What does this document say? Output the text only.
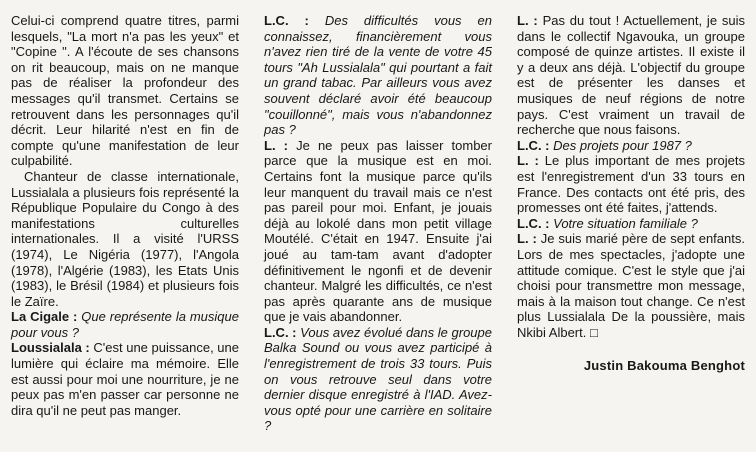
Celui-ci comprend quatre titres, parmi lesquels, "La mort n'a pas les yeux" et "Copine ". A l'écoute de ses chansons on rit beaucoup, mais on ne manque pas de réaliser la profondeur des messages qu'il transmet. Certains se retrouvent dans les personnages qu'il décrit. Leur hilarité n'est en fin de compte qu'une manifestation de leur culpabilité.

Chanteur de classe internationale, Lussialala a plusieurs fois représenté la République Populaire du Congo à des manifestations culturelles internationales. Il a visité l'URSS (1974), Le Nigéria (1977), l'Angola (1978), l'Algérie (1983), les Etats Unis (1983), le Brésil (1984) et plusieurs fois le Zaïre.

La Cigale : Que représente la musique pour vous ?

Loussialala : C'est une puissance, une lumière qui éclaire ma mémoire. Elle est aussi pour moi une nourriture, je ne peux pas m'en passer car personne ne dira qu'il ne peut pas manger.

L.C. : Des difficultés vous en connaissez, financièrement vous n'avez rien tiré de la vente de votre 45 tours "Ah Lussialala" qui pourtant a fait un grand tabac. Par ailleurs vous avez souvent déclaré avoir été beaucoup "couillonné", mais vous n'abandonnez pas ?

L. : Je ne peux pas laisser tomber parce que la musique est en moi. Certains font la musique parce qu'ils leur manquent du travail mais ce n'est pas pareil pour moi. Enfant, je jouais déjà au lokolé dans mon petit village Moutélé. C'était en 1947. Ensuite j'ai joué au tam-tam avant d'adopter définitivement le ngonfi et de devenir chanteur. Malgré les difficultés, ce n'est pas après quarante ans de musique que je vais abandonner.

L.C. : Vous avez évolué dans le groupe Balka Sound ou vous avez participé à l'enregistrement de trois 33 tours. Puis on vous retrouve seul dans votre dernier disque enregistré à l'IAD. Avez-vous opté pour une carrière en solitaire ?

L. : Pas du tout ! Actuellement, je suis dans le collectif Ngavouka, un groupe composé de quinze artistes. Il existe il y a deux ans déjà. L'objectif du groupe est de présenter les danses et musiques de neuf régions de notre pays. C'est vraiment un travail de recherche que nous faisons.

L.C. : Des projets pour 1987 ?

L. : Le plus important de mes projets est l'enregistrement d'un 33 tours en France. Des contacts ont été pris, des promesses ont été faites, j'attends.

L.C. : Votre situation familiale ?

L. : Je suis marié père de sept enfants. Lors de mes spectacles, j'adopte une attitude comique. C'est le style que j'ai choisi pour transmettre mon message, mais à la maison tout change. Ce n'est plus Lussialala De la poussière, mais Nkibi Albert. □

Justin Bakouma Benghot
